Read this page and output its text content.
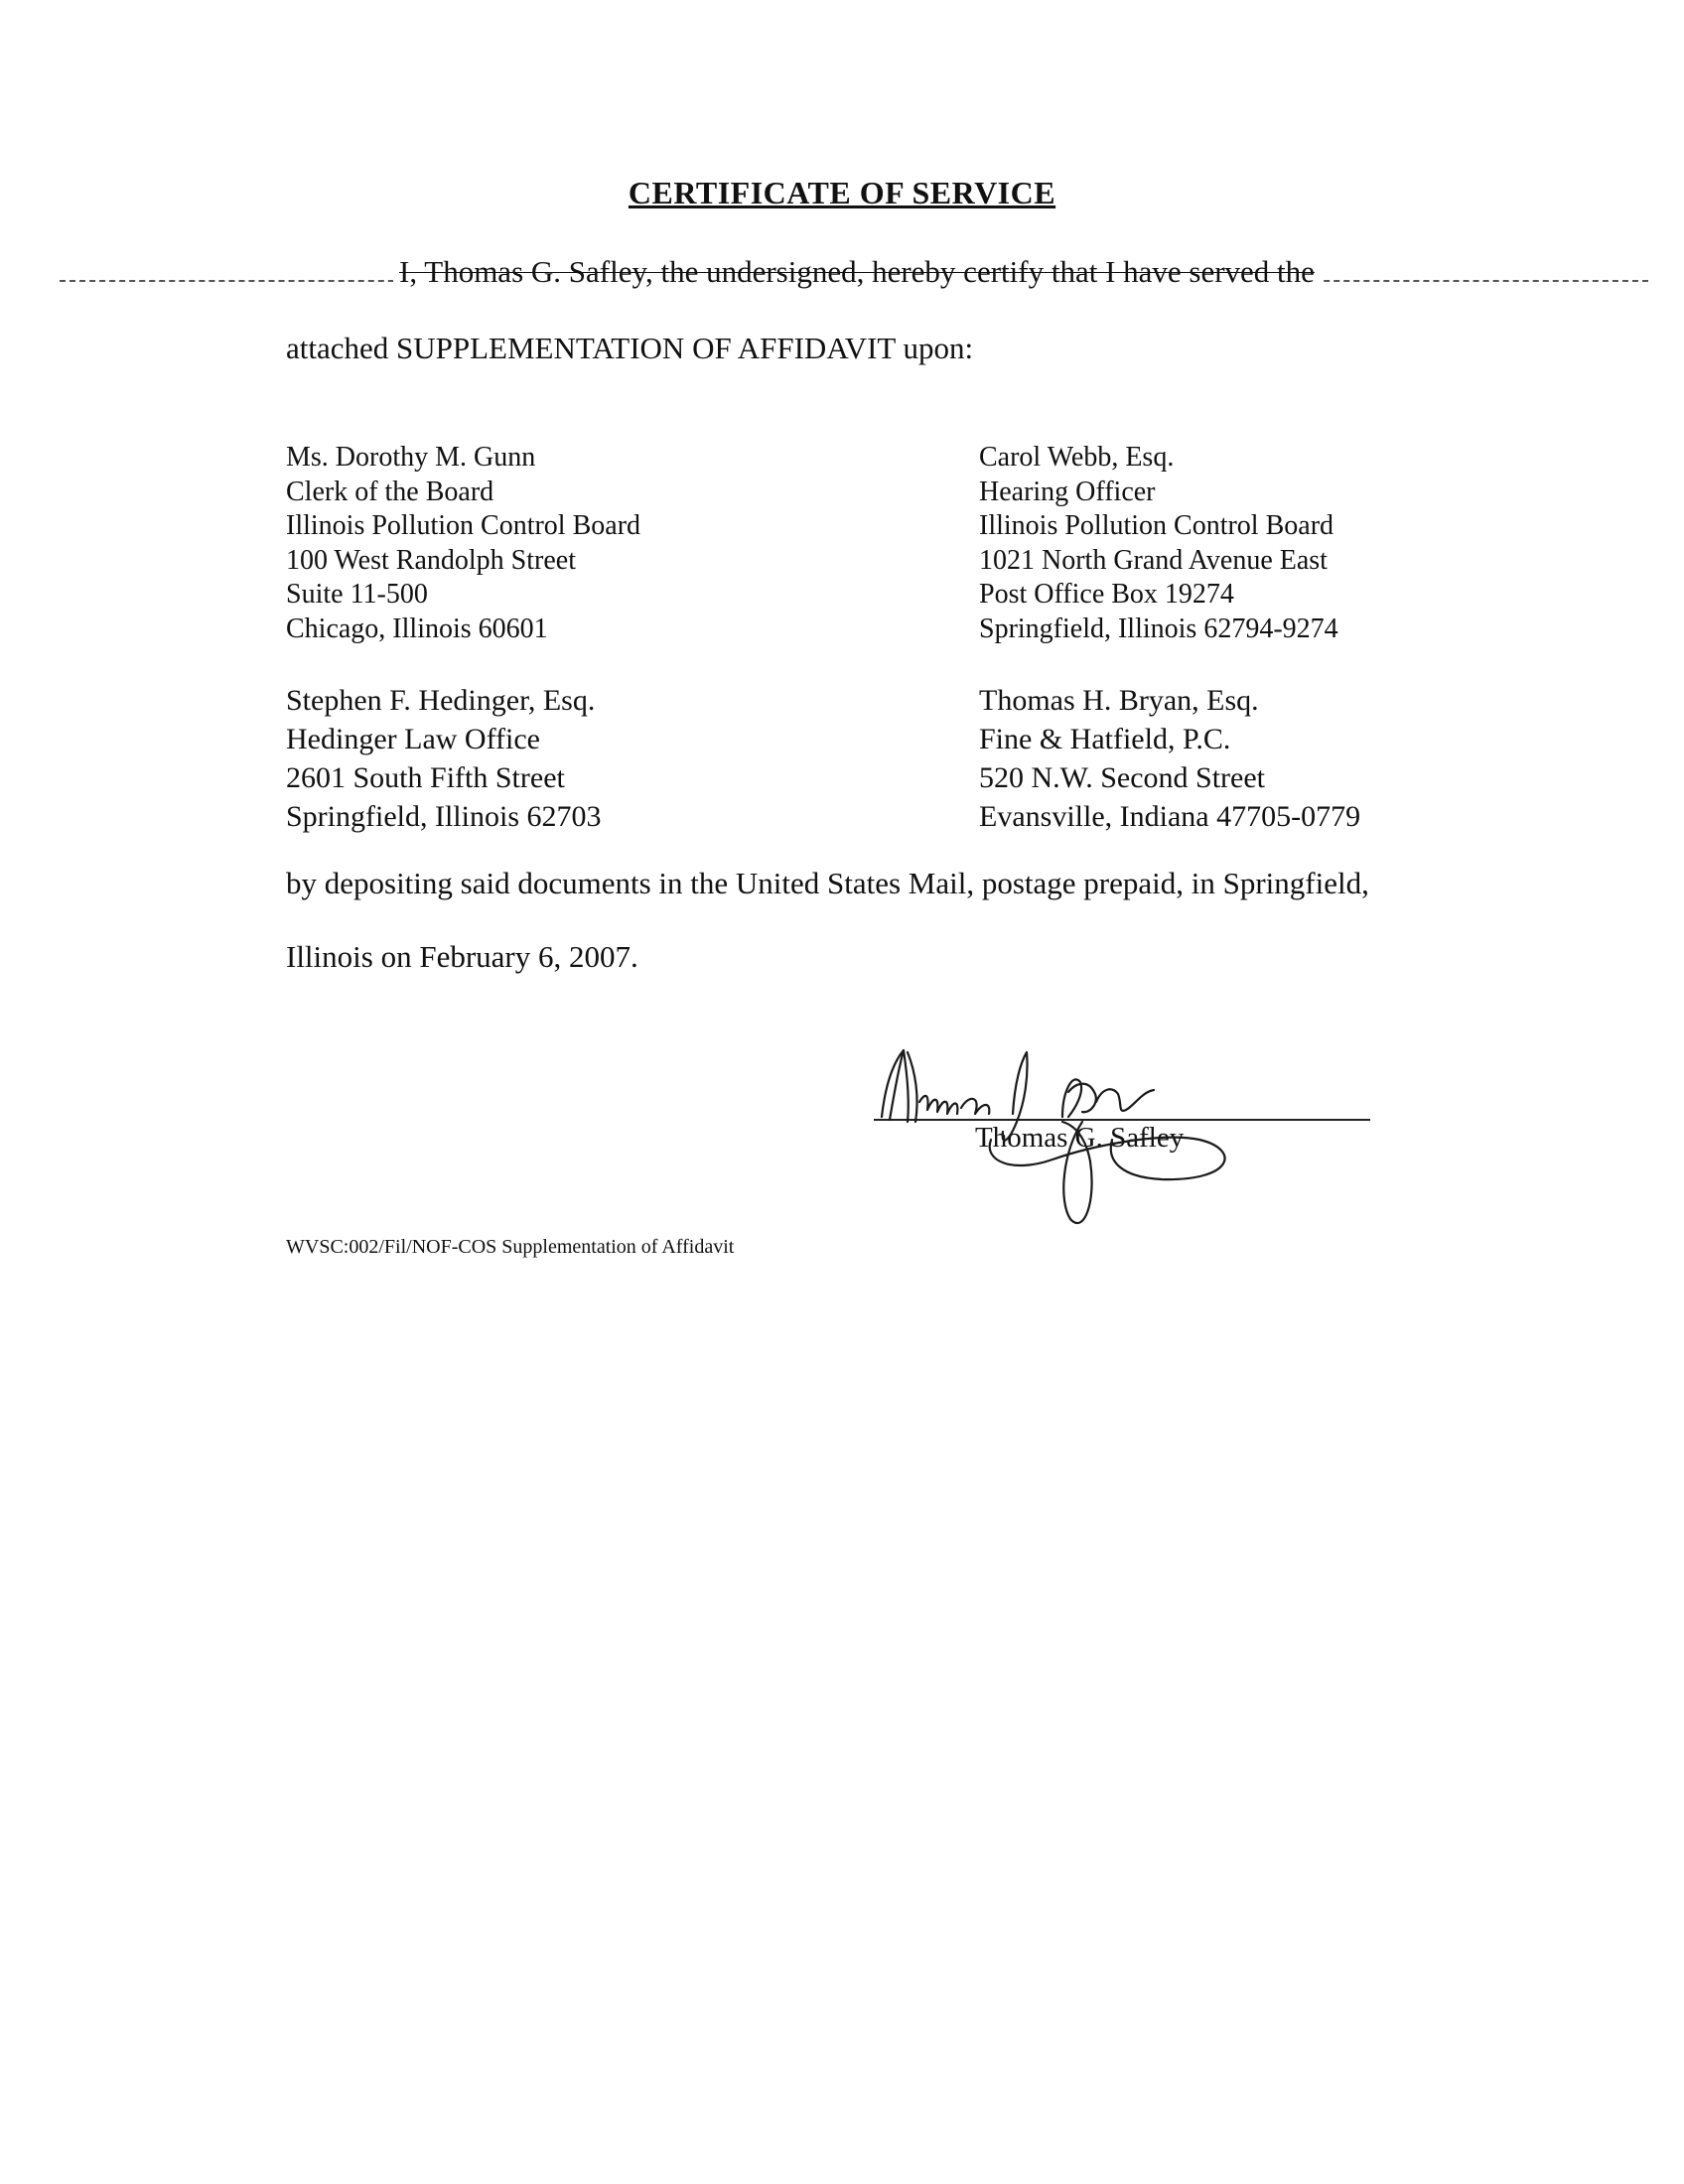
CERTIFICATE OF SERVICE
I, Thomas G. Safley, the undersigned, hereby certify that I have served the
attached SUPPLEMENTATION OF AFFIDAVIT upon:
Ms. Dorothy M. Gunn
Clerk of the Board
Illinois Pollution Control Board
100 West Randolph Street
Suite 11-500
Chicago, Illinois 60601
Carol Webb, Esq.
Hearing Officer
Illinois Pollution Control Board
1021 North Grand Avenue East
Post Office Box 19274
Springfield, Illinois 62794-9274
Stephen F. Hedinger, Esq.
Hedinger Law Office
2601 South Fifth Street
Springfield, Illinois 62703
Thomas H. Bryan, Esq.
Fine & Hatfield, P.C.
520 N.W. Second Street
Evansville, Indiana 47705-0779
by depositing said documents in the United States Mail, postage prepaid, in Springfield,
Illinois on February 6, 2007.
Thomas G. Safley
WVSC:002/Fil/NOF-COS Supplementation of Affidavit
